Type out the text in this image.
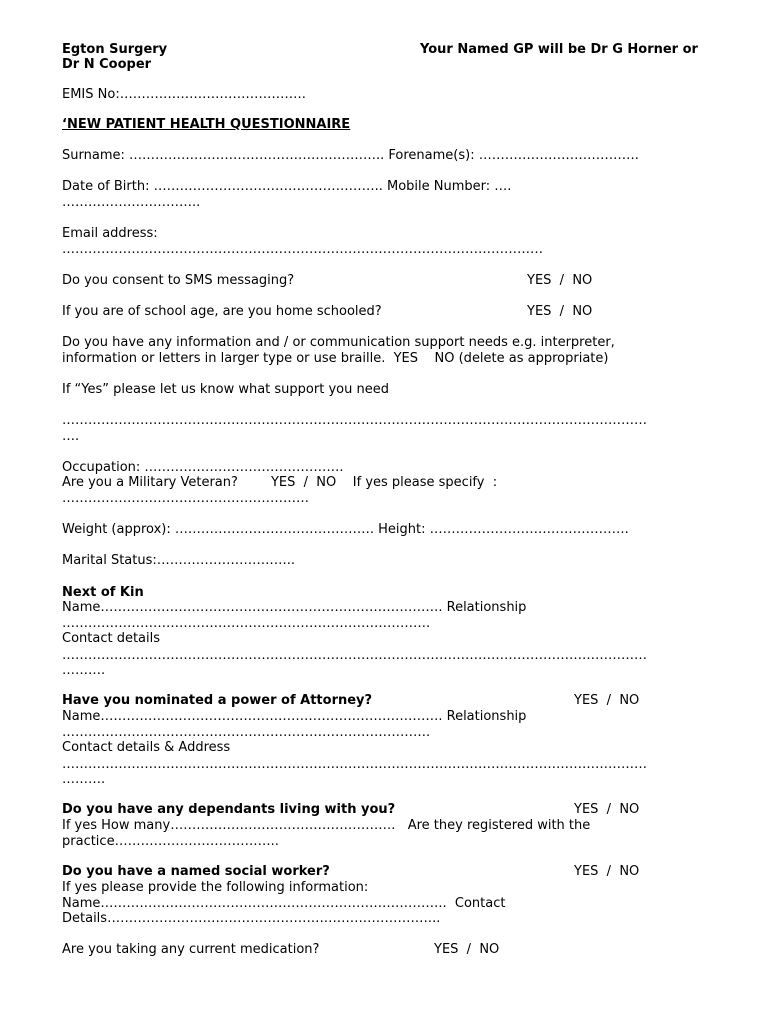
Egton Surgery
Dr N Cooper
Your Named GP will be Dr G Horner or
EMIS No:…………………………………….
‘NEW PATIENT HEALTH QUESTIONNAIRE
Surname: ………………………………………………….. Forename(s): ……………………………….
Date of Birth: …………………………………………….. Mobile Number: ….
…………………………..
Email address:
…………………………………………………………………………………………………
Do you consent to SMS messaging?	YES  /  NO
If you are of school age, are you home schooled?	YES  /  NO
Do you have any information and / or communication support needs e.g. interpreter,
information or letters in larger type or use braille.  YES    NO (delete as appropriate)
If “Yes” please let us know what support you need
………………………………………………………………………………………………………………………
….
Occupation: ……………………………………….
Are you a Military Veteran?        YES  /  NO    If yes please specify  :
…………………………………………………
Weight (approx): ………………………………………. Height: ……………………………………….
Marital Status:…………………………..
Next of Kin
Name……………………………………………………………………. Relationship
………………………………………………………………………….
Contact details
………………………………………………………………………………………………………………………
……….
Have you nominated a power of Attorney?	YES  /  NO
Name……………………………………………………………………. Relationship
………………………………………………………………………….
Contact details & Address
………………………………………………………………………………………………………………………
……….
Do you have any dependants living with you?	YES  /  NO
If yes How many…………………………………………….   Are they registered with the
practice………………………………..
Do you have a named social worker?	YES  /  NO
If yes please provide the following information:
Name……………………………………………………………………..  Contact
Details…………………………………………………………………..
Are you taking any current medication?	YES  /  NO
